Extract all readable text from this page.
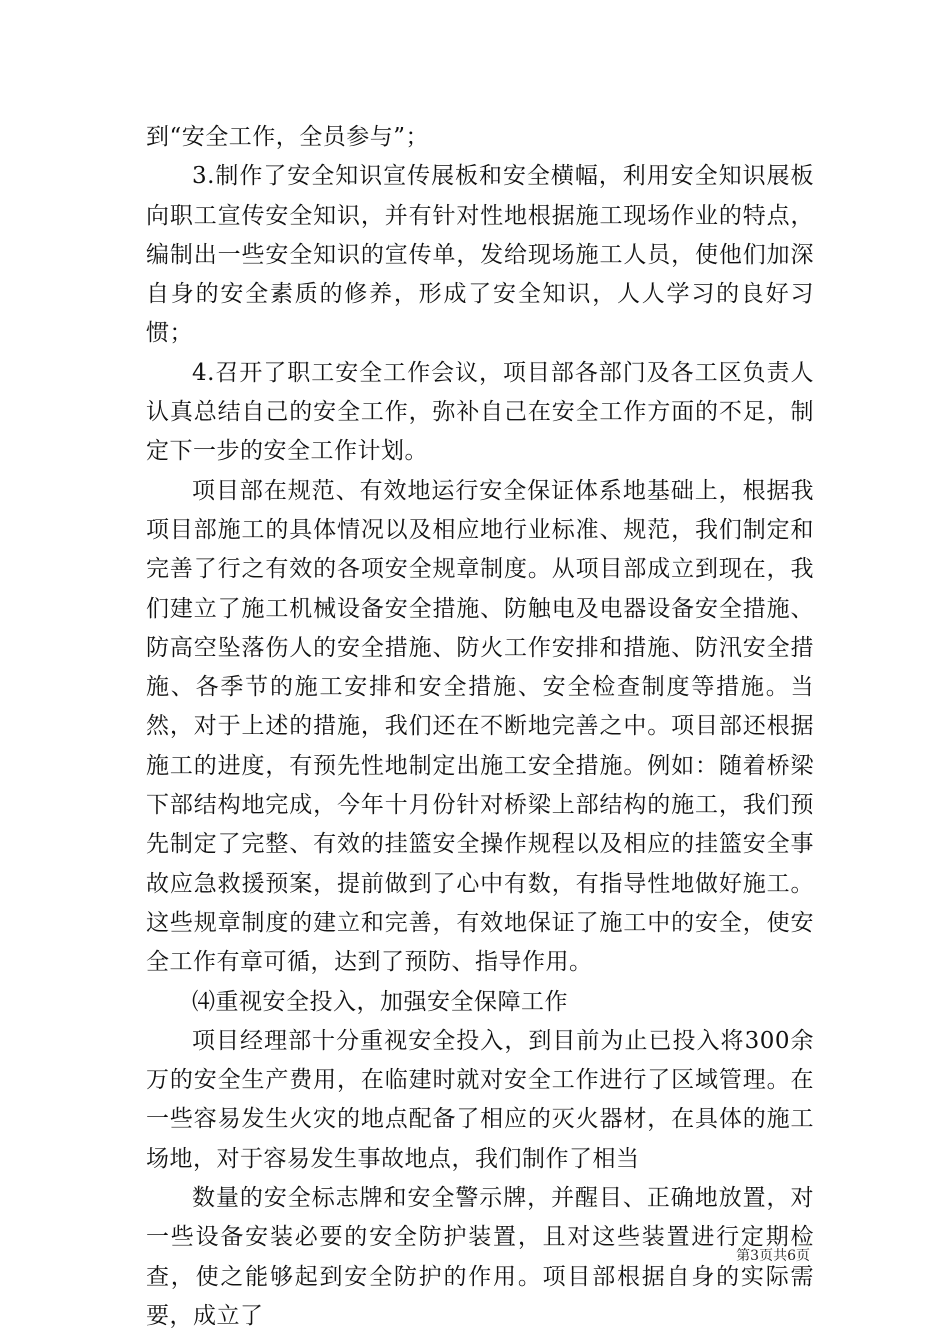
到“安全工作，全员参与”；

3.制作了安全知识宣传展板和安全横幅，利用安全知识展板向职工宣传安全知识，并有针对性地根据施工现场作业的特点，编制出一些安全知识的宣传单，发给现场施工人员，使他们加深自身的安全素质的修养，形成了安全知识，人人学习的良好习惯；

4.召开了职工安全工作会议，项目部各部门及各工区负责人认真总结自己的安全工作，弥补自己在安全工作方面的不足，制定下一步的安全工作计划。

项目部在规范、有效地运行安全保证体系地基础上，根据我项目部施工的具体情况以及相应地行业标准、规范，我们制定和完善了行之有效的各项安全规章制度。从项目部成立到现在，我们建立了施工机械设备安全措施、防触电及电器设备安全措施、防高空坠落伤人的安全措施、防火工作安排和措施、防汛安全措施、各季节的施工安排和安全措施、安全检查制度等措施。当然，对于上述的措施，我们还在不断地完善之中。项目部还根据施工的进度，有预先性地制定出施工安全措施。例如：随着桥梁下部结构地完成，今年十月份针对桥梁上部结构的施工，我们预先制定了完整、有效的挂篮安全操作规程以及相应的挂篮安全事故应急救援预案，提前做到了心中有数，有指导性地做好施工。这些规章制度的建立和完善，有效地保证了施工中的安全，使安全工作有章可循，达到了预防、指导作用。

⑷重视安全投入，加强安全保障工作

项目经理部十分重视安全投入，到目前为止已投入将300余万的安全生产费用，在临建时就对安全工作进行了区域管理。在一些容易发生火灾的地点配备了相应的灭火器材，在具体的施工场地，对于容易发生事故地点，我们制作了相当

数量的安全标志牌和安全警示牌，并醒目、正确地放置，对一些设备安装必要的安全防护装置，且对这些装置进行定期检查，使之能够起到安全防护的作用。项目部根据自身的实际需要，成立了

第3页共6页
